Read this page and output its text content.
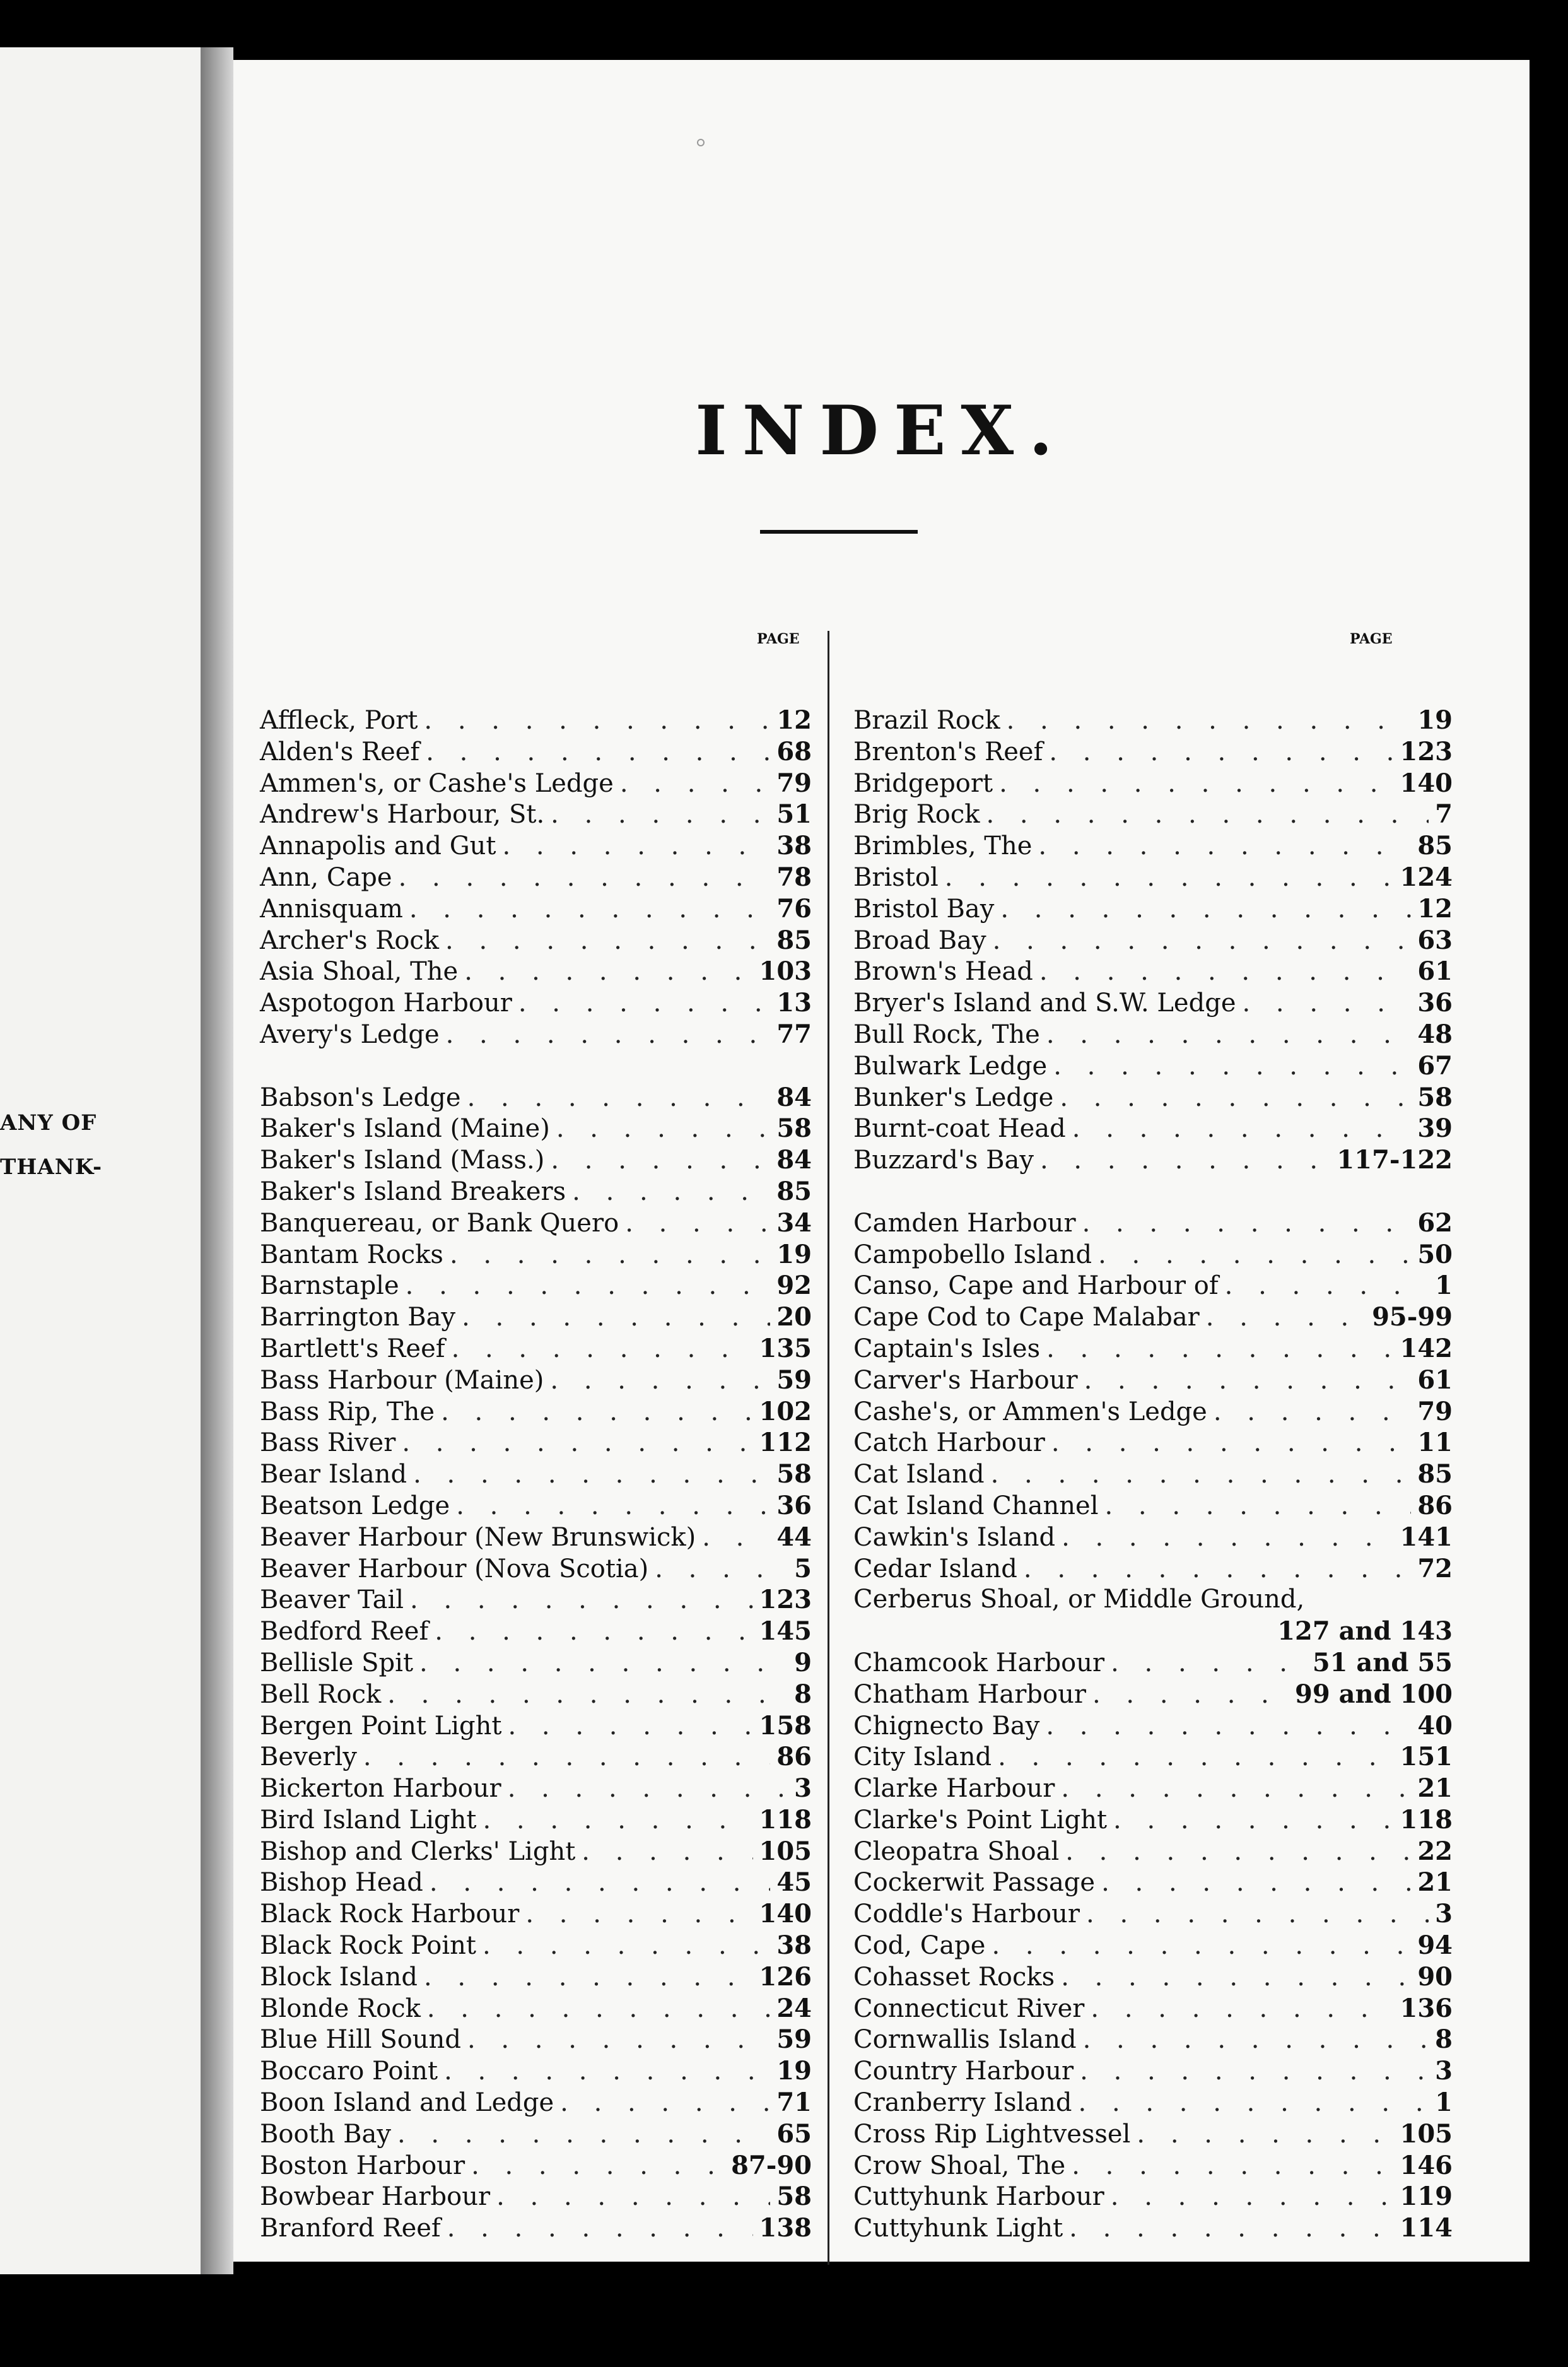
ANY OF
THANK-
INDEX.
PAGE	PAGE
Affleck, Port . . .	12
Alden's Reef . . .	68
Ammen's, or Cashe's Ledge . . .	79
Andrew's Harbour, St. . . .	51
Annapolis and Gut . . .	38
Ann, Cape . . .	78
Annisquam . . .	76
Archer's Rock . . .	85
Asia Shoal, The . . .	103
Aspotogon Harbour . . .	13
Avery's Ledge . . .	77
Babson's Ledge . . .	84
Baker's Island (Maine) . . .	58
Baker's Island (Mass.) . . .	84
Baker's Island Breakers . . .	85
Banquereau, or Bank Quero . . .	34
Bantam Rocks . . .	19
Barnstaple . . .	92
Barrington Bay . . .	20
Bartlett's Reef . . .	135
Bass Harbour (Maine) . . .	59
Bass Rip, The . . .	102
Bass River . . .	112
Bear Island . . .	58
Beatson Ledge . . .	36
Beaver Harbour (New Brunswick) . . .	44
Beaver Harbour (Nova Scotia) . . .	5
Beaver Tail . . .	123
Bedford Reef . . .	145
Bellisle Spit . . .	9
Bell Rock . . .	8
Bergen Point Light . . .	158
Beverly . . .	86
Bickerton Harbour . . .	3
Bird Island Light . . .	118
Bishop and Clerks' Light . . .	105
Bishop Head . . .	45
Black Rock Harbour . . .	140
Black Rock Point . . .	38
Block Island . . .	126
Blonde Rock . . .	24
Blue Hill Sound . . .	59
Boccaro Point . . .	19
Boon Island and Ledge . . .	71
Booth Bay . . .	65
Boston Harbour . . .	87-90
Bowbear Harbour . . .	58
Branford Reef . . .	138
Brazil Rock . . .	19
Brenton's Reef . . .	123
Bridgeport . . .	140
Brig Rock . . .	7
Brimbles, The . . .	85
Bristol . . .	124
Bristol Bay . . .	12
Broad Bay . . .	63
Brown's Head . . .	61
Bryer's Island and S.W. Ledge . . .	36
Bull Rock, The . . .	48
Bulwark Ledge . . .	67
Bunker's Ledge . . .	58
Burnt-coat Head . . .	39
Buzzard's Bay . . .	117-122
Camden Harbour . . .	62
Campobello Island . . .	50
Canso, Cape and Harbour of . . .	1
Cape Cod to Cape Malabar . . .	95-99
Captain's Isles . . .	142
Carver's Harbour . . .	61
Cashe's, or Ammen's Ledge . . .	79
Catch Harbour . . .	11
Cat Island . . .	85
Cat Island Channel . . .	86
Cawkin's Island . . .	141
Cedar Island . . .	72
Cerberus Shoal, or Middle Ground,
127 and 143
Chamcook Harbour . . .	51 and 55
Chatham Harbour . . .	99 and 100
Chignecto Bay . . .	40
City Island . . .	151
Clarke Harbour . . .	21
Clarke's Point Light . . .	118
Cleopatra Shoal . . .	22
Cockerwit Passage . . .	21
Coddle's Harbour . . .	3
Cod, Cape . . .	94
Cohasset Rocks . . .	90
Connecticut River . . .	136
Cornwallis Island . . .	8
Country Harbour . . .	3
Cranberry Island . . .	1
Cross Rip Lightvessel . . .	105
Crow Shoal, The . . .	146
Cuttyhunk Harbour . . .	119
Cuttyhunk Light . . .	114
